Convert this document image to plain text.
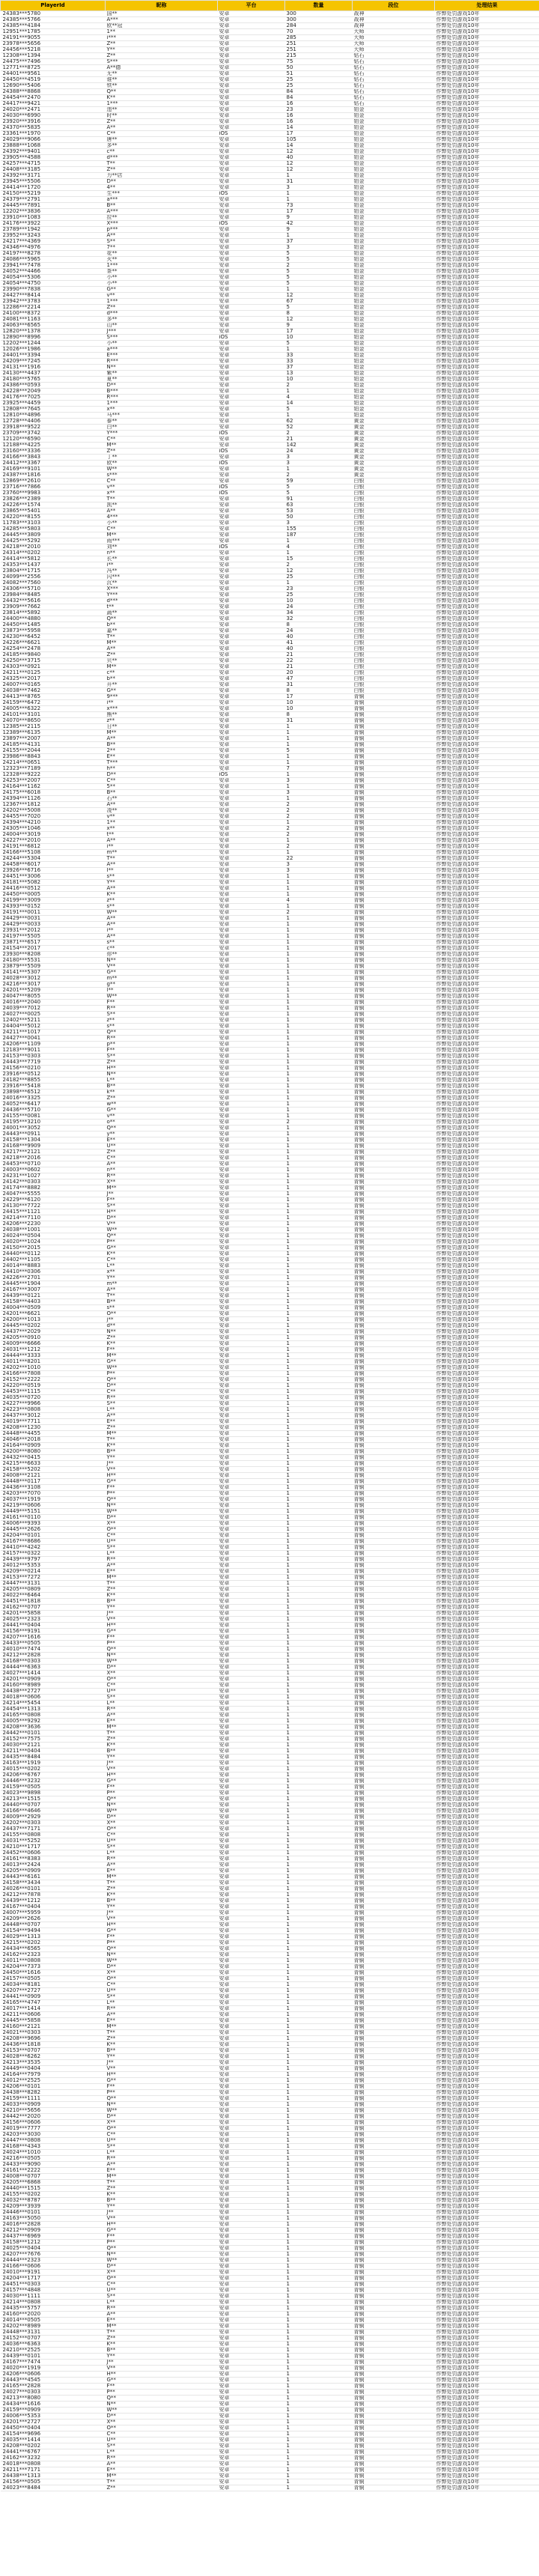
PlayerId	昵称	平台	数量	段位	处理结果
24383***5780	国**	安卓	300	战神	作弊处罚游戏10年
24385***5766	A***	安卓	300	战神	作弊处罚游戏10年
24385***4184	欧**冠	安卓	284	战神	作弊处罚游戏10年
12951***1785	1**	安卓	70	大师	作弊处罚游戏10年
24191***9055	i***	安卓	285	大师	作弊处罚游戏10年
23978***5656	Z**	安卓	251	大师	作弊处罚游戏10年
24456***5218	Y**	安卓	251	大师	作弊处罚游戏10年
12308***1394	Z**	安卓	215	钻石	作弊处罚游戏10年
24475***7496	S***	安卓	75	钻石	作弊处罚游戏10年
12771***8725	A**德	安卓	50	钻石	作弊处罚游戏10年
24401***9561	无**	安卓	51	钻石	作弊处罚游戏10年
24450***4519	谁**	安卓	25	钻石	作弊处罚游戏10年
12690***5406	铁**	安卓	25	钻石	作弊处罚游戏10年
24388***8868	Q**	安卓	84	钻石	作弊处罚游戏10年
24454***2470	K**	安卓	84	钻石	作弊处罚游戏10年
24417***9421	1***	安卓	16	钻石	作弊处罚游戏10年
24020***2471	违**	安卓	23	铂金	作弊处罚游戏10年
24030***6990	时**	安卓	16	铂金	作弊处罚游戏10年
23920***3916	Z**	安卓	16	铂金	作弊处罚游戏10年
24370***5835	A**	安卓	14	铂金	作弊处罚游戏10年
23361***1970	C**	iOS	17	铂金	作弊处罚游戏10年
24029***9066	唐**	安卓	105	铂金	作弊处罚游戏10年
23888***1068	多**	安卓	14	铂金	作弊处罚游戏10年
24392***9401	c**	安卓	12	铂金	作弊处罚游戏10年
23905***4588	d***	安卓	40	铂金	作弊处罚游戏10年
24257***4715	T**	安卓	12	铂金	作弊处罚游戏10年
24408***3185	Z**	安卓	12	铂金	作弊处罚游戏10年
24392***3171	力**店	安卓	1	铂金	作弊处罚游戏10年
23945***5506	D**	安卓	31	铂金	作弊处罚游戏10年
24414***1720	4**	安卓	3	铂金	作弊处罚游戏10年
24150***5219	生***	iOS	1	铂金	作弊处罚游戏10年
24379***2791	a***	安卓	1	铂金	作弊处罚游戏10年
24445***7891	B**	安卓	73	铂金	作弊处罚游戏10年
12202***3836	A***	安卓	17	铂金	作弊处罚游戏10年
23910***1083	拉**	安卓	9	铂金	作弊处罚游戏10年
24176***3922	X***	iOS	42	铂金	作弊处罚游戏10年
23789***1942	p***	安卓	9	铂金	作弊处罚游戏10年
23952***3243	A**	安卓	1	铂金	作弊处罚游戏10年
24217***4369	S**	安卓	37	铂金	作弊处罚游戏10年
24346***4976	7**	安卓	3	铂金	作弊处罚游戏10年
24197***8278	花**	安卓	5	铂金	作弊处罚游戏10年
24086***5965	火**	安卓	5	铂金	作弊处罚游戏10年
23941***7478	1***	安卓	2	铂金	作弊处罚游戏10年
24052***4466	茶**	安卓	5	铂金	作弊处罚游戏10年
24054***5306	小**	安卓	5	铂金	作弊处罚游戏10年
24054***4750	小**	安卓	5	铂金	作弊处罚游戏10年
23990***7838	G**	安卓	1	铂金	作弊处罚游戏10年
24427***8414	v**	安卓	12	铂金	作弊处罚游戏10年
23942***3783	1***	安卓	67	铂金	作弊处罚游戏10年
12286***2214	Z**	安卓	5	铂金	作弊处罚游戏10年
24100***8372	d***	安卓	8	铂金	作弊处罚游戏10年
24081***1163	多**	安卓	12	铂金	作弊处罚游戏10年
24063***6565	山**	安卓	9	铂金	作弊处罚游戏10年
12820***1378	J***	安卓	17	铂金	作弊处罚游戏10年
12890***8996	S***	iOS	10	铂金	作弊处罚游戏10年
12202***1244	小**	安卓	5	铂金	作弊处罚游戏10年
12026***1986	a***	安卓	1	铂金	作弊处罚游戏10年
24401***3394	E***	安卓	33	铂金	作弊处罚游戏10年
24209***7245	R***	安卓	33	铂金	作弊处罚游戏10年
24131***1916	N**	安卓	37	铂金	作弊处罚游戏10年
24130***4437	紫**	安卓	13	铂金	作弊处罚游戏10年
24180***5765	夏**	安卓	10	铂金	作弊处罚游戏10年
24386***0593	D**	安卓	2	铂金	作弊处罚游戏10年
24228***2049	B***	安卓	1	铂金	作弊处罚游戏10年
24176***7025	R***	安卓	4	铂金	作弊处罚游戏10年
23925***4459	1***	安卓	14	铂金	作弊处罚游戏10年
12808***7645	x**	安卓	5	铂金	作弊处罚游戏10年
12810***4896	马***	安卓	1	铂金	作弊处罚游戏10年
12728***4406	泰**	安卓	62	黄金	作弊处罚游戏10年
23918***9522	白**	安卓	52	黄金	作弊处罚游戏10年
23709***3742	Y***	iOS	2	黄金	作弊处罚游戏10年
12120***6590	C**	安卓	21	黄金	作弊处罚游戏10年
12188***4225	M**	安卓	142	黄金	作弊处罚游戏10年
23160***3336	Z**	iOS	24	黄金	作弊处罚游戏10年
24166***3843	丁**	安卓	3	黄金	作弊处罚游戏10年
24412***3367	欧**	iOS	3	黄金	作弊处罚游戏10年
24169***9101	W**	安卓	1	黄金	作弊处罚游戏10年
24387***1816	s***	安卓	2	黄金	作弊处罚游戏10年
12869***2610	C**	安卓	59	白银	作弊处罚游戏10年
23716***7866	v**	iOS	5	白银	作弊处罚游戏10年
23760***9983	x**	iOS	5	白银	作弊处罚游戏10年
23826***2389	T**	安卓	91	白银	作弊处罚游戏10年
24226***1574	凯**	安卓	63	白银	作弊处罚游戏10年
23865***5401	A**	安卓	53	白银	作弊处罚游戏10年
24220***8155	4***	安卓	50	白银	作弊处罚游戏10年
11783***3103	小**	安卓	3	白银	作弊处罚游戏10年
24285***5803	C**	安卓	155	白银	作弊处罚游戏10年
24445***3809	M**	安卓	187	白银	作弊处罚游戏10年
24425***5292	雨***	安卓	1	白银	作弊处罚游戏10年
24218***2010	刘**	iOS	4	白银	作弊处罚游戏10年
24314***0202	n**	安卓	1	白银	作弊处罚游戏10年
24414***5812	长**	安卓	15	白银	作弊处罚游戏10年
24353***1437	i**	安卓	2	白银	作弊处罚游戏10年
23804***1715	冯**	安卓	12	白银	作弊处罚游戏10年
24099***2556	闪***	安卓	25	白银	作弊处罚游戏10年
24082***7560	沉**	安卓	1	白银	作弊处罚游戏10年
24306***5710	X***	安卓	23	白银	作弊处罚游戏10年
23984***8485	Y***	安卓	25	白银	作弊处罚游戏10年
24432***5616	d***	安卓	10	白银	作弊处罚游戏10年
23909***7662	t**	安卓	24	白银	作弊处罚游戏10年
23814***5892	蔬**	安卓	34	白银	作弊处罚游戏10年
24400***4880	Q**	安卓	32	白银	作弊处罚游戏10年
24450***1485	b**	安卓	8	白银	作弊处罚游戏10年
23873***5958	嘉**	安卓	24	白银	作弊处罚游戏10年
24230***6452	T**	安卓	40	白银	作弊处罚游戏10年
24226***6621	M**	安卓	41	白银	作弊处罚游戏10年
24254***2478	A**	安卓	40	白银	作弊处罚游戏10年
24185***9840	Z**	安卓	21	白银	作弊处罚游戏10年
24250***3715	贝**	安卓	22	白银	作弊处罚游戏10年
24303***0921	M**	安卓	21	白银	作弊处罚游戏10年
24211***0125	c**	安卓	20	白银	作弊处罚游戏10年
24325***2017	b**	安卓	47	白银	作弊处罚游戏10年
24007***0165	开**	安卓	31	白银	作弊处罚游戏10年
24038***7462	G**	安卓	8	白银	作弊处罚游戏10年
24413***8765	9***	安卓	17	青铜	作弊处罚游戏10年
24159***6472	i**	安卓	10	青铜	作弊处罚游戏10年
24005***6322	x***	安卓	10	青铜	作弊处罚游戏10年
24101***3101	熊**	安卓	8	青铜	作弊处罚游戏10年
24070***8650	z**	安卓	31	青铜	作弊处罚游戏10年
12385***2115	日**	安卓	1	青铜	作弊处罚游戏10年
12389***6135	M**	安卓	1	青铜	作弊处罚游戏10年
23897***2007	A**	安卓	1	青铜	作弊处罚游戏10年
24185***4131	B**	安卓	1	青铜	作弊处罚游戏10年
24155***2044	2**	安卓	5	青铜	作弊处罚游戏10年
23986***8843	E**	安卓	1	青铜	作弊处罚游戏10年
24214***0651	T***	安卓	1	青铜	作弊处罚游戏10年
12323***7189	h**	安卓	7	青铜	作弊处罚游戏10年
12328***9222	D**	iOS	1	青铜	作弊处罚游戏10年
24253***2007	C**	安卓	3	青铜	作弊处罚游戏10年
24164***1162	5**	安卓	1	青铜	作弊处罚游戏10年
24175***6018	B**	安卓	3	青铜	作弊处罚游戏10年
24394***1126	石**	安卓	1	青铜	作弊处罚游戏10年
12367***1812	A**	安卓	2	青铜	作弊处罚游戏10年
24202***5008	凌**	安卓	2	青铜	作弊处罚游戏10年
24455***7020	v**	安卓	2	青铜	作弊处罚游戏10年
24394***4210	1**	安卓	1	青铜	作弊处罚游戏10年
24305***1046	x**	安卓	2	青铜	作弊处罚游戏10年
24004***3019	t**	安卓	2	青铜	作弊处罚游戏10年
24227***2010	A**	安卓	1	青铜	作弊处罚游戏10年
24191***6812	i**	安卓	2	青铜	作弊处罚游戏10年
24166***5108	m**	安卓	1	青铜	作弊处罚游戏10年
24244***5304	T**	安卓	22	青铜	作弊处罚游戏10年
24458***6017	A**	安卓	3	青铜	作弊处罚游戏10年
23926***6716	I**	安卓	3	青铜	作弊处罚游戏10年
24451***3006	s**	安卓	1	青铜	作弊处罚游戏10年
24181***5082	Y**	安卓	1	青铜	作弊处罚游戏10年
24416***0512	A**	安卓	1	青铜	作弊处罚游戏10年
24450***0005	K**	安卓	1	青铜	作弊处罚游戏10年
24199***3009	z**	安卓	4	青铜	作弊处罚游戏10年
24393***0152	s**	安卓	1	青铜	作弊处罚游戏10年
24191***0011	W**	安卓	2	青铜	作弊处罚游戏10年
24429***0031	A**	安卓	1	青铜	作弊处罚游戏10年
24429***0033	A**	安卓	1	青铜	作弊处罚游戏10年
23931***2012	i**	安卓	1	青铜	作弊处罚游戏10年
24197***5505	A**	安卓	1	青铜	作弊处罚游戏10年
23871***6517	s**	安卓	1	青铜	作弊处罚游戏10年
24154***2017	c**	安卓	1	青铜	作弊处罚游戏10年
23930***8208	你**	安卓	1	青铜	作弊处罚游戏10年
24180***5531	N**	安卓	1	青铜	作弊处罚游戏10年
23879***5509	V**	安卓	1	青铜	作弊处罚游戏10年
24141***5307	G**	安卓	1	青铜	作弊处罚游戏10年
24028***3012	m**	安卓	1	青铜	作弊处罚游戏10年
24216***3017	g**	安卓	1	青铜	作弊处罚游戏10年
24201***5209	l**	安卓	1	青铜	作弊处罚游戏10年
24047***8055	W**	安卓	1	青铜	作弊处罚游戏10年
24016***2040	F**	安卓	1	青铜	作弊处罚游戏10年
24039***7012	R**	安卓	1	青铜	作弊处罚游戏10年
24027***0025	S**	安卓	1	青铜	作弊处罚游戏10年
12402***5211	z**	安卓	1	青铜	作弊处罚游戏10年
24404***5012	s**	安卓	1	青铜	作弊处罚游戏10年
24211***1017	Q**	安卓	1	青铜	作弊处罚游戏10年
24427***0041	R**	安卓	1	青铜	作弊处罚游戏10年
24206***1109	p**	安卓	1	青铜	作弊处罚游戏10年
12183***9011	F**	安卓	1	青铜	作弊处罚游戏10年
24153***0303	S**	安卓	1	青铜	作弊处罚游戏10年
24443***7719	Z**	安卓	1	青铜	作弊处罚游戏10年
24156***0210	H**	安卓	1	青铜	作弊处罚游戏10年
23916***0512	N**	安卓	1	青铜	作弊处罚游戏10年
24182***8855	L**	安卓	1	青铜	作弊处罚游戏10年
23916***5418	B**	安卓	1	青铜	作弊处罚游戏10年
23898***6512	k**	安卓	1	青铜	作弊处罚游戏10年
24016***3325	Z**	安卓	1	青铜	作弊处罚游戏10年
24052***6417	w**	安卓	1	青铜	作弊处罚游戏10年
24436***5710	G**	安卓	1	青铜	作弊处罚游戏10年
24155***0081	v**	安卓	1	青铜	作弊处罚游戏10年
24195***3210	o**	安卓	2	青铜	作弊处罚游戏10年
24001***3052	Q**	安卓	1	青铜	作弊处罚游戏10年
24443***0911	y**	安卓	1	青铜	作弊处罚游戏10年
24158***1304	E**	安卓	1	青铜	作弊处罚游戏10年
24168***9909	U**	安卓	1	青铜	作弊处罚游戏10年
24217***2121	Z**	安卓	1	青铜	作弊处罚游戏10年
24218***2016	C**	安卓	1	青铜	作弊处罚游戏10年
24453***0710	A**	安卓	1	青铜	作弊处罚游戏10年
24003***0602	n**	安卓	1	青铜	作弊处罚游戏10年
24231***1027	R**	安卓	1	青铜	作弊处罚游戏10年
24142***0303	X**	安卓	1	青铜	作弊处罚游戏10年
24174***8882	M**	安卓	1	青铜	作弊处罚游戏10年
24047***5555	J**	安卓	1	青铜	作弊处罚游戏10年
24229***6120	F**	安卓	1	青铜	作弊处罚游戏10年
24130***7722	S**	安卓	1	青铜	作弊处罚游戏10年
24415***1121	H**	安卓	1	青铜	作弊处罚游戏10年
24214***7110	D**	安卓	1	青铜	作弊处罚游戏10年
24206***2230	V**	安卓	1	青铜	作弊处罚游戏10年
24038***1001	W**	安卓	1	青铜	作弊处罚游戏10年
24024***0504	Q**	安卓	1	青铜	作弊处罚游戏10年
24020***1024	P**	安卓	1	青铜	作弊处罚游戏10年
24150***2015	G**	安卓	1	青铜	作弊处罚游戏10年
24440***0112	K**	安卓	1	青铜	作弊处罚游戏10年
24402***1105	C**	安卓	1	青铜	作弊处罚游戏10年
24014***8883	L**	安卓	1	青铜	作弊处罚游戏10年
24410***0306	x**	安卓	1	青铜	作弊处罚游戏10年
24226***2701	Y**	安卓	1	青铜	作弊处罚游戏10年
24445***1904	m**	安卓	1	青铜	作弊处罚游戏10年
24167***3007	A**	安卓	1	青铜	作弊处罚游戏10年
24439***0121	T**	安卓	1	青铜	作弊处罚游戏10年
24158***4403	B**	安卓	1	青铜	作弊处罚游戏10年
24004***0509	s**	安卓	1	青铜	作弊处罚游戏10年
24201***6621	O**	安卓	1	青铜	作弊处罚游戏10年
24200***1013	j**	安卓	1	青铜	作弊处罚游戏10年
24445***0202	d**	安卓	1	青铜	作弊处罚游戏10年
24437***2029	N**	安卓	1	青铜	作弊处罚游戏10年
24205***0910	Z**	安卓	1	青铜	作弊处罚游戏10年
24009***6666	K**	安卓	1	青铜	作弊处罚游戏10年
24031***1212	F**	安卓	1	青铜	作弊处罚游戏10年
24444***3333	M**	安卓	1	青铜	作弊处罚游戏10年
24011***8201	G**	安卓	1	青铜	作弊处罚游戏10年
24202***1010	W**	安卓	1	青铜	作弊处罚游戏10年
24166***7808	P**	安卓	1	青铜	作弊处罚游戏10年
24152***2222	Q**	安卓	1	青铜	作弊处罚游戏10年
24220***0519	D**	安卓	1	青铜	作弊处罚游戏10年
24453***1115	C**	安卓	1	青铜	作弊处罚游戏10年
24035***0720	R**	安卓	1	青铜	作弊处罚游戏10年
24227***9966	S**	安卓	1	青铜	作弊处罚游戏10年
24223***0808	L**	安卓	1	青铜	作弊处罚游戏10年
24437***3012	A**	安卓	1	青铜	作弊处罚游戏10年
24019***7711	E**	安卓	1	青铜	作弊处罚游戏10年
24208***1230	Z**	安卓	1	青铜	作弊处罚游戏10年
24448***4455	M**	安卓	1	青铜	作弊处罚游戏10年
24046***2018	T**	安卓	1	青铜	作弊处罚游戏10年
24164***0909	K**	安卓	1	青铜	作弊处罚游戏10年
24200***8080	B**	安卓	1	青铜	作弊处罚游戏10年
24432***0415	Y**	安卓	1	青铜	作弊处罚游戏10年
24215***6633	J**	安卓	1	青铜	作弊处罚游戏10年
24158***5202	V**	安卓	1	青铜	作弊处罚游戏10年
24008***2121	H**	安卓	1	青铜	作弊处罚游戏10年
24448***0117	G**	安卓	1	青铜	作弊处罚游戏10年
24436***3108	F**	安卓	1	青铜	作弊处罚游戏10年
24203***7070	P**	安卓	1	青铜	作弊处罚游戏10年
24037***1919	Q**	安卓	1	青铜	作弊处罚游戏10年
24219***0606	N**	安卓	1	青铜	作弊处罚游戏10年
24449***5151	W**	安卓	1	青铜	作弊处罚游戏10年
24161***0110	D**	安卓	1	青铜	作弊处罚游戏10年
24006***9393	X**	安卓	1	青铜	作弊处罚游戏10年
24445***2626	O**	安卓	1	青铜	作弊处罚游戏10年
24204***0101	C**	安卓	1	青铜	作弊处罚游戏10年
24167***8686	U**	安卓	1	青铜	作弊处罚游戏10年
24410***4242	S**	安卓	1	青铜	作弊处罚游戏10年
24157***0322	L**	安卓	1	青铜	作弊处罚游戏10年
24439***9797	R**	安卓	1	青铜	作弊处罚游戏10年
24012***5353	A**	安卓	1	青铜	作弊处罚游戏10年
24209***0214	E**	安卓	1	青铜	作弊处罚游戏10年
24153***7272	M**	安卓	1	青铜	作弊处罚游戏10年
24447***3131	T**	安卓	1	青铜	作弊处罚游戏10年
24205***0809	Z**	安卓	1	青铜	作弊处罚游戏10年
24022***6464	K**	安卓	1	青铜	作弊处罚游戏10年
24451***1818	B**	安卓	1	青铜	作弊处罚游戏10年
24162***0707	Y**	安卓	1	青铜	作弊处罚游戏10年
24201***5858	J**	安卓	1	青铜	作弊处罚游戏10年
24025***2323	V**	安卓	1	青铜	作弊处罚游戏10年
24441***0404	H**	安卓	1	青铜	作弊处罚游戏10年
24156***9191	G**	安卓	1	青铜	作弊处罚游戏10年
24207***1616	F**	安卓	1	青铜	作弊处罚游戏10年
24433***0505	P**	安卓	1	青铜	作弊处罚游戏10年
24010***7474	Q**	安卓	1	青铜	作弊处罚游戏10年
24212***2828	N**	安卓	1	青铜	作弊处罚游戏10年
24168***0303	W**	安卓	1	青铜	作弊处罚游戏10年
24444***6363	D**	安卓	1	青铜	作弊处罚游戏10年
24027***1414	X**	安卓	1	青铜	作弊处罚游戏10年
24201***0909	O**	安卓	1	青铜	作弊处罚游戏10年
24160***8989	C**	安卓	1	青铜	作弊处罚游戏10年
24438***2727	U**	安卓	1	青铜	作弊处罚游戏10年
24018***0606	S**	安卓	1	青铜	作弊处罚游戏10年
24214***5454	L**	安卓	1	青铜	作弊处罚游戏10年
24454***1313	R**	安卓	1	青铜	作弊处罚游戏10年
24165***0808	A**	安卓	1	青铜	作弊处罚游戏10年
24005***9292	E**	安卓	1	青铜	作弊处罚游戏10年
24208***3636	M**	安卓	1	青铜	作弊处罚游戏10年
24442***0101	T**	安卓	1	青铜	作弊处罚游戏10年
24152***7575	Z**	安卓	1	青铜	作弊处罚游戏10年
24030***2121	K**	安卓	1	青铜	作弊处罚游戏10年
24211***0404	B**	安卓	1	青铜	作弊处罚游戏10年
24435***8484	Y**	安卓	1	青铜	作弊处罚游戏10年
24163***1919	J**	安卓	1	青铜	作弊处罚游戏10年
24015***0202	V**	安卓	1	青铜	作弊处罚游戏10年
24206***6767	H**	安卓	1	青铜	作弊处罚游戏10年
24446***3232	G**	安卓	1	青铜	作弊处罚游戏10年
24159***0505	F**	安卓	1	青铜	作弊处罚游戏10年
24023***9898	P**	安卓	1	青铜	作弊处罚游戏10年
24213***1515	Q**	安卓	1	青铜	作弊处罚游戏10年
24440***0707	N**	安卓	1	青铜	作弊处罚游戏10年
24166***4646	W**	安卓	1	青铜	作弊处罚游戏10年
24009***2929	D**	安卓	1	青铜	作弊处罚游戏10年
24202***0303	X**	安卓	1	青铜	作弊处罚游戏10年
24437***7171	O**	安卓	1	青铜	作弊处罚游戏10年
24155***0808	C**	安卓	1	青铜	作弊处罚游戏10年
24031***5252	U**	安卓	1	青铜	作弊处罚游戏10年
24210***1717	S**	安卓	1	青铜	作弊处罚游戏10年
24452***0606	L**	安卓	1	青铜	作弊处罚游戏10年
24161***8383	R**	安卓	1	青铜	作弊处罚游戏10年
24013***2424	A**	安卓	1	青铜	作弊处罚游戏10年
24205***0909	E**	安卓	1	青铜	作弊处罚游戏10年
24443***6161	M**	安卓	1	青铜	作弊处罚游戏10年
24158***3434	T**	安卓	1	青铜	作弊处罚游戏10年
24026***0101	Z**	安卓	1	青铜	作弊处罚游戏10年
24212***7878	K**	安卓	1	青铜	作弊处罚游戏10年
24439***1212	B**	安卓	1	青铜	作弊处罚游戏10年
24167***0404	Y**	安卓	1	青铜	作弊处罚游戏10年
24007***5959	J**	安卓	1	青铜	作弊处罚游戏10年
24209***2626	V**	安卓	1	青铜	作弊处罚游戏10年
24448***0707	H**	安卓	1	青铜	作弊处罚游戏10年
24154***9494	G**	安卓	1	青铜	作弊处罚游戏10年
24029***1313	F**	安卓	1	青铜	作弊处罚游戏10年
24215***0202	P**	安卓	1	青铜	作弊处罚游戏10年
24434***6565	Q**	安卓	1	青铜	作弊处罚游戏10年
24162***2323	N**	安卓	1	青铜	作弊处罚游戏10年
24011***0808	W**	安卓	1	青铜	作弊处罚游戏10年
24204***7373	D**	安卓	1	青铜	作弊处罚游戏10年
24450***1616	X**	安卓	1	青铜	作弊处罚游戏10年
24157***0505	O**	安卓	1	青铜	作弊处罚游戏10年
24034***8181	C**	安卓	1	青铜	作弊处罚游戏10年
24207***2727	U**	安卓	1	青铜	作弊处罚游戏10年
24441***0909	S**	安卓	1	青铜	作弊处罚游戏10年
24165***4747	L**	安卓	1	青铜	作弊处罚游戏10年
24017***1414	R**	安卓	1	青铜	作弊处罚游戏10年
24211***0606	A**	安卓	1	青铜	作弊处罚游戏10年
24445***5858	E**	安卓	1	青铜	作弊处罚游戏10年
24160***2121	M**	安卓	1	青铜	作弊处罚游戏10年
24021***0303	T**	安卓	1	青铜	作弊处罚游戏10年
24208***9696	Z**	安卓	1	青铜	作弊处罚游戏10年
24436***1818	K**	安卓	1	青铜	作弊处罚游戏10年
24153***0707	B**	安卓	1	青铜	作弊处罚游戏10年
24028***6262	Y**	安卓	1	青铜	作弊处罚游戏10年
24213***3535	J**	安卓	1	青铜	作弊处罚游戏10年
24449***0404	V**	安卓	1	青铜	作弊处罚游戏10年
24164***7979	H**	安卓	1	青铜	作弊处罚游戏10年
24012***2525	G**	安卓	1	青铜	作弊处罚游戏10年
24206***0101	F**	安卓	1	青铜	作弊处罚游戏10年
24438***8282	P**	安卓	1	青铜	作弊处罚游戏10年
24159***1111	Q**	安卓	1	青铜	作弊处罚游戏10年
24033***0909	N**	安卓	1	青铜	作弊处罚游戏10年
24210***5656	W**	安卓	1	青铜	作弊处罚游戏10年
24442***2020	D**	安卓	1	青铜	作弊处罚游戏10年
24156***0606	X**	安卓	1	青铜	作弊处罚游戏10年
24019***7777	O**	安卓	1	青铜	作弊处罚游戏10年
24203***3030	C**	安卓	1	青铜	作弊处罚游戏10年
24447***0808	U**	安卓	1	青铜	作弊处罚游戏10年
24168***4343	S**	安卓	1	青铜	作弊处罚游戏10年
24024***1010	L**	安卓	1	青铜	作弊处罚游戏10年
24216***0505	R**	安卓	1	青铜	作弊处罚游戏10年
24433***9090	A**	安卓	1	青铜	作弊处罚游戏10年
24161***2222	E**	安卓	1	青铜	作弊处罚游戏10年
24008***0707	M**	安卓	1	青铜	作弊处罚游戏10年
24205***6868	T**	安卓	1	青铜	作弊处罚游戏10年
24440***1515	Z**	安卓	1	青铜	作弊处罚游戏10年
24155***0202	K**	安卓	1	青铜	作弊处罚游戏10年
24032***8787	B**	安卓	1	青铜	作弊处罚游戏10年
24209***3939	Y**	安卓	1	青铜	作弊处罚游戏10年
24446***0101	J**	安卓	1	青铜	作弊处罚游戏10年
24163***5050	V**	安卓	1	青铜	作弊处罚游戏10年
24016***2828	H**	安卓	1	青铜	作弊处罚游戏10年
24212***0909	G**	安卓	1	青铜	作弊处罚游戏10年
24437***6969	F**	安卓	1	青铜	作弊处罚游戏10年
24158***1212	P**	安卓	1	青铜	作弊处罚游戏10年
24025***0404	Q**	安卓	1	青铜	作弊处罚游戏10年
24207***7676	N**	安卓	1	青铜	作弊处罚游戏10年
24444***2323	W**	安卓	1	青铜	作弊处罚游戏10年
24166***0606	D**	安卓	1	青铜	作弊处罚游戏10年
24010***9191	X**	安卓	1	青铜	作弊处罚游戏10年
24204***1717	O**	安卓	1	青铜	作弊处罚游戏10年
24451***0303	C**	安卓	1	青铜	作弊处罚游戏10年
24157***4848	U**	安卓	1	青铜	作弊处罚游戏10年
24030***1111	S**	安卓	1	青铜	作弊处罚游戏10年
24214***0808	L**	安卓	1	青铜	作弊处罚游戏10年
24435***5757	R**	安卓	1	青铜	作弊处罚游戏10年
24160***2020	A**	安卓	1	青铜	作弊处罚游戏10年
24014***0505	E**	安卓	1	青铜	作弊处罚游戏10年
24202***8989	M**	安卓	1	青铜	作弊处罚游戏10年
24448***3131	T**	安卓	1	青铜	作弊处罚游戏10年
24152***0707	Z**	安卓	1	青铜	作弊处罚游戏10年
24036***6363	K**	安卓	1	青铜	作弊处罚游戏10年
24210***2525	B**	安卓	1	青铜	作弊处罚游戏10年
24439***0101	Y**	安卓	1	青铜	作弊处罚游戏10年
24167***7474	J**	安卓	1	青铜	作弊处罚游戏10年
24020***1919	V**	安卓	1	青铜	作弊处罚游戏10年
24206***0606	H**	安卓	1	青铜	作弊处罚游戏10年
24443***4545	G**	安卓	1	青铜	作弊处罚游戏10年
24165***2828	F**	安卓	1	青铜	作弊处罚游戏10年
24027***0303	P**	安卓	1	青铜	作弊处罚游戏10年
24213***8080	Q**	安卓	1	青铜	作弊处罚游戏10年
24434***1616	N**	安卓	1	青铜	作弊处罚游戏10年
24159***0909	W**	安卓	1	青铜	作弊处罚游戏10年
24006***5353	D**	安卓	1	青铜	作弊处罚游戏10年
24201***2727	X**	安卓	1	青铜	作弊处罚游戏10年
24450***0404	O**	安卓	1	青铜	作弊处罚游戏10年
24154***9696	C**	安卓	1	青铜	作弊处罚游戏10年
24035***1414	U**	安卓	1	青铜	作弊处罚游戏10年
24208***0202	S**	安卓	1	青铜	作弊处罚游戏10年
24441***6767	L**	安卓	1	青铜	作弊处罚游戏10年
24162***3232	R**	安卓	1	青铜	作弊处罚游戏10年
24018***0808	A**	安卓	1	青铜	作弊处罚游戏10年
24211***7171	E**	安卓	1	青铜	作弊处罚游戏10年
24438***1313	M**	安卓	1	青铜	作弊处罚游戏10年
24156***0505	T**	安卓	1	青铜	作弊处罚游戏10年
24023***8484	Z**	安卓	1	青铜	作弊处罚游戏10年
